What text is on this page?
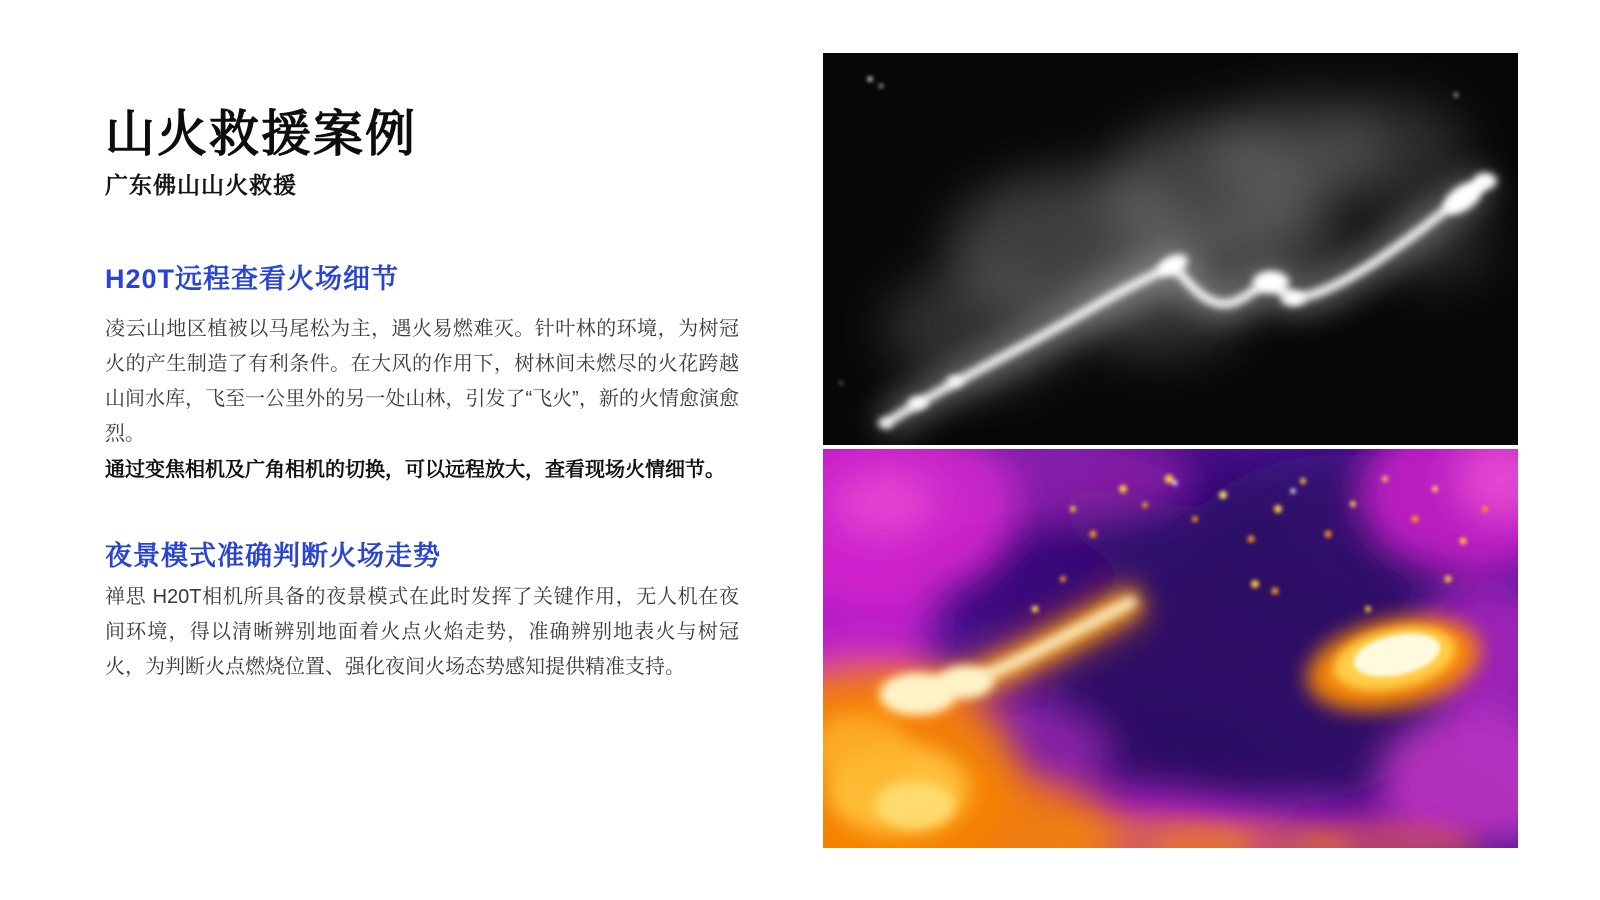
山火救援案例
广东佛山山火救援
H20T远程查看火场细节
凌云山地区植被以马尾松为主，遇火易燃难灭。针叶林的环境，为树冠火的产生制造了有利条件。在大风的作用下，树林间未燃尽的火花跨越山间水库，飞至一公里外的另一处山林，引发了“飞火”，新的火情愈演愈烈。
通过变焦相机及广角相机的切换，可以远程放大，查看现场火情细节。
夜景模式准确判断火场走势
禅思 H20T相机所具备的夜景模式在此时发挥了关键作用，无人机在夜间环境，得以清晰辨别地面着火点火焰走势，准确辨别地表火与树冠火，为判断火点燃烧位置、强化夜间火场态势感知提供精准支持。
